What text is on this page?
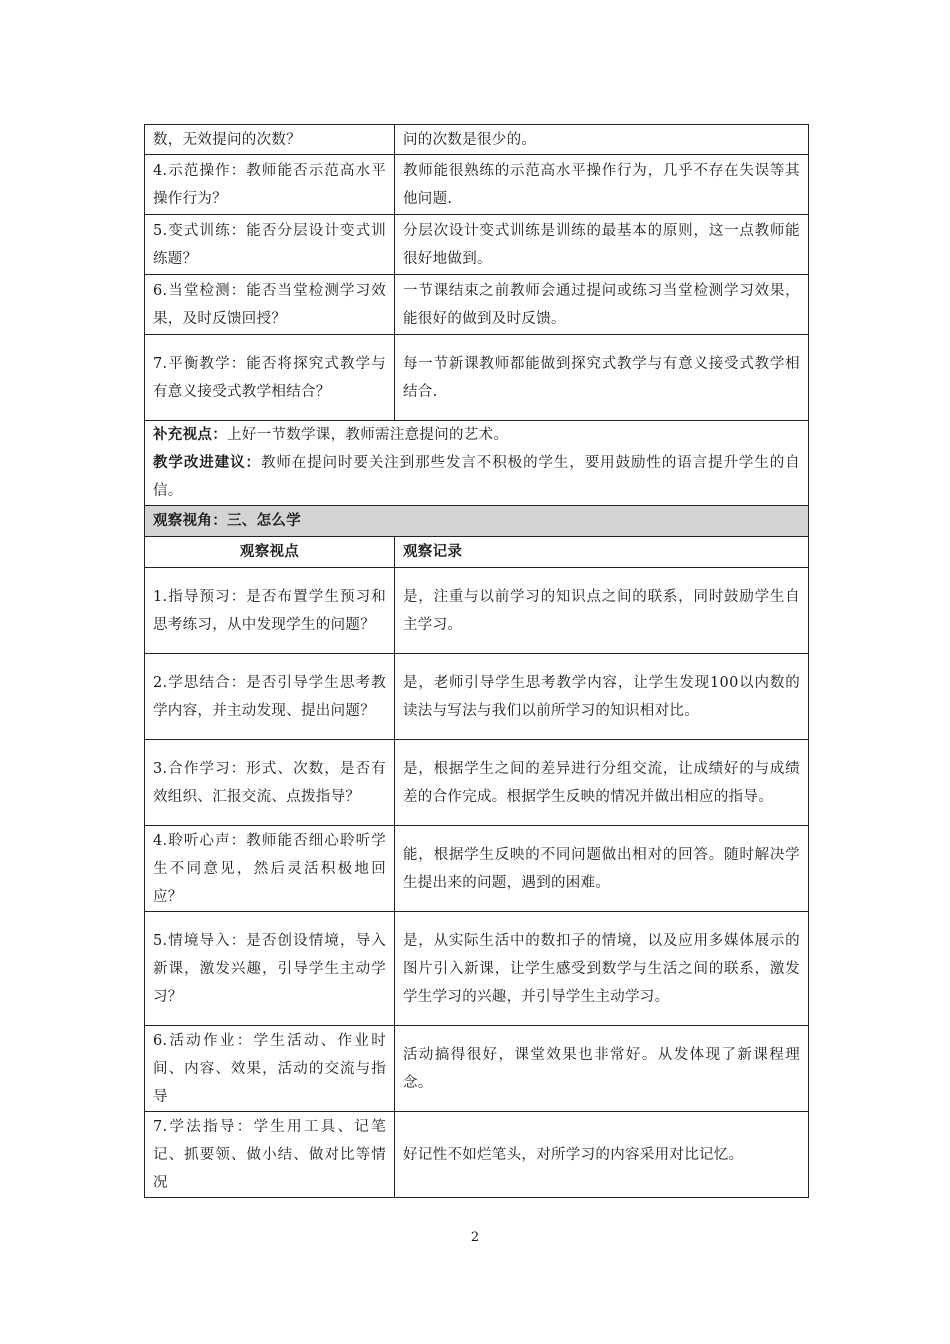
数，无效提问的次数？	问的次数是很少的。
4.示范操作：教师能否示范高水平操作行为？	教师能很熟练的示范高水平操作行为，几乎不存在失误等其他问题.
5.变式训练：能否分层设计变式训练题？	分层次设计变式训练是训练的最基本的原则，这一点教师能很好地做到。
6.当堂检测：能否当堂检测学习效果，及时反馈回授？	一节课结束之前教师会通过提问或练习当堂检测学习效果，能很好的做到及时反馈。
7.平衡教学：能否将探究式教学与有意义接受式教学相结合？	每一节新课教师都能做到探究式教学与有意义接受式教学相结合.

补充视点：上好一节数学课，教师需注意提问的艺术。
教学改进建议：教师在提问时要关注到那些发言不积极的学生，要用鼓励性的语言提升学生的自信。	

观察视角：三、怎么学	
观察视点	观察记录
1.指导预习：是否布置学生预习和思考练习，从中发现学生的问题？	是，注重与以前学习的知识点之间的联系，同时鼓励学生自主学习。
2.学思结合：是否引导学生思考教学内容，并主动发现、提出问题？	是，老师引导学生思考教学内容，让学生发现100以内数的读法与写法与我们以前所学习的知识相对比。
3.合作学习：形式、次数，是否有效组织、汇报交流、点拨指导？	是，根据学生之间的差异进行分组交流，让成绩好的与成绩差的合作完成。根据学生反映的情况并做出相应的指导。
4.聆听心声：教师能否细心聆听学生不同意见，然后灵活积极地回应？	能，根据学生反映的不同问题做出相对的回答。随时解决学生提出来的问题，遇到的困难。
5.情境导入：是否创设情境，导入新课，激发兴趣，引导学生主动学习？	是，从实际生活中的数扣子的情境，以及应用多媒体展示的图片引入新课，让学生感受到数学与生活之间的联系，激发学生学习的兴趣，并引导学生主动学习。
6.活动作业：学生活动、作业时间、内容、效果，活动的交流与指导	活动搞得很好，课堂效果也非常好。从发体现了新课程理念。
7.学法指导：学生用工具、记笔记、抓要领、做小结、做对比等情况	好记性不如烂笔头，对所学习的内容采用对比记忆。
2
